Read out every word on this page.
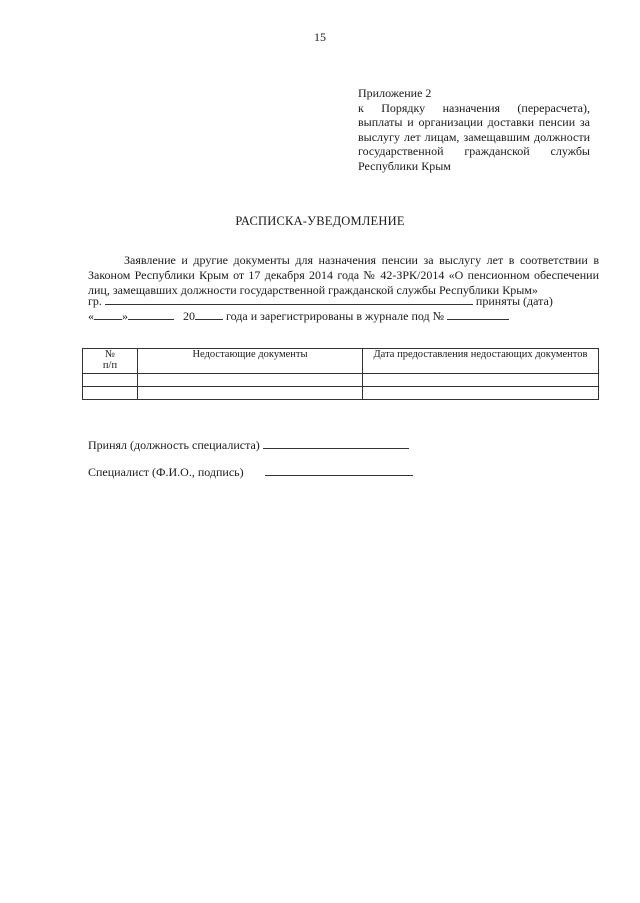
15
Приложение 2
к Порядку назначения (перерасчета), выплаты и организации доставки пенсии за выслугу лет лицам, замещавшим должности государственной гражданской службы
Республики Крым
РАСПИСКА-УВЕДОМЛЕНИЕ
Заявление и другие документы для назначения пенсии за выслугу лет в соответствии в Законом Республики Крым от 17 декабря 2014 года № 42-ЗРК/2014 «О пенсионном обеспечении лиц, замещавших должности государственной гражданской службы Республики Крым»
гр.	приняты (дата)
« »	20	года и зарегистрированы в журнале под №
№
п/п	Недостающие документы	Дата предоставления недостающих документов

Принял (должность специалиста)
Специалист (Ф.И.О., подпись)
